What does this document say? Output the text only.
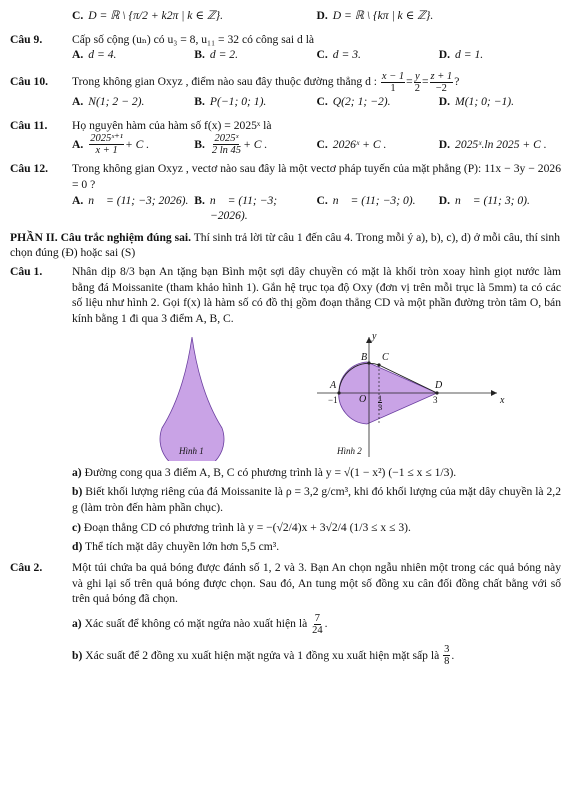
C. D = ℝ \ {π/2 + k2π | k ∈ ℤ}.	D. D = ℝ \ {kπ | k ∈ ℤ}.
Câu 9.	Cấp số cộng (uₙ) có u₃ = 8, u₁₁ = 32 có công sai d là
A. d = 4.	B. d = 2.	C. d = 3.	D. d = 1.
Câu 10.	Trong không gian Oxyz , điểm nào sau đây thuộc đường thẳng d : $\frac{x - 1}{1} = \frac{y}{2} = \frac{z + 1}{-2}$ ?
A. N(1; 2 − 2).	B. P(−1; 0; 1).	C. Q(2; 1; −2).	D. M(1; 0; −1).
Câu 11.	Họ nguyên hàm của hàm số f(x) = 2025ˣ là
A. $\frac{\text{2025ˣ⁺¹}}{x + 1} + C$ .	B. $\frac{\text{2025ˣ}}{2 \ln 45} + C$ .	C. 2026ˣ + C .	D. 2025ˣ.ln 2025 + C .
Câu 12.	Trong không gian Oxyz , vectơ nào sau đây là một vectơ pháp tuyến của mặt phẳng (P): 11x − 3y − 2026 = 0 ?
A. n⃗ = (11; −3; 2026). B. n⃗ = (11; −3; −2026).
C. n⃗ = (11; −3; 0). D. n⃗ = (11; 3; 0).
PHẦN II. Câu trắc nghiệm đúng sai. Thí sinh trả lời từ câu 1 đến câu 4. Trong mỗi ý a), b), c), d) ở mỗi câu, thí sinh chọn đúng (Đ) hoặc sai (S)
Câu 1.	Nhân dịp 8/3 bạn An tặng bạn Bình một sợi dây chuyền có mặt là khối tròn xoay hình giọt nước làm bằng đá Moissanite (tham khảo hình 1). Gắn hệ trục tọa độ Oxy (đơn vị trên mỗi trục là 5mm) ta có các số liệu như hình 2. Gọi f(x) là hàm số có đồ thị gồm đoạn thẳng CD và một phần đường tròn tâm O, bán kính bằng 1 đi qua 3 điểm A, B, C.
Hình 1	Hình 2
y
x
A
B C
D
O
−1	$\frac{1}{3}$	3
a) Đường cong qua 3 điểm A, B, C có phương trình là y = √(1 − x²) (−1 ≤ x ≤ 1/3).
b) Biết khối lượng riêng của đá Moissanite là ρ = 3,2 g/cm³, khi đó khối lượng của mặt dây chuyền là 2,2 g (làm tròn đến hàm phần chục).
c) Đoạn thẳng CD có phương trình là y = −(√2/4)x + 3√2/4 (1/3 ≤ x ≤ 3).
d) Thể tích mặt dây chuyền lớn hơn 5,5 cm³.
Câu 2.	Một túi chứa ba quả bóng được đánh số 1, 2 và 3. Bạn An chọn ngẫu nhiên một trong các quả bóng này và ghi lại số trên quả bóng được chọn. Sau đó, An tung một số đồng xu cân đối đồng chất bằng với số trên quả bóng đã chọn.
a)
Xác suất để không có mặt ngửa nào xuất hiện là
$\frac{7}{24}$ .
b)
Xác suất để 2 đồng xu xuất hiện mặt ngửa và 1 đồng xu xuất hiện mặt sấp là
$\frac{3}{8}$ .
